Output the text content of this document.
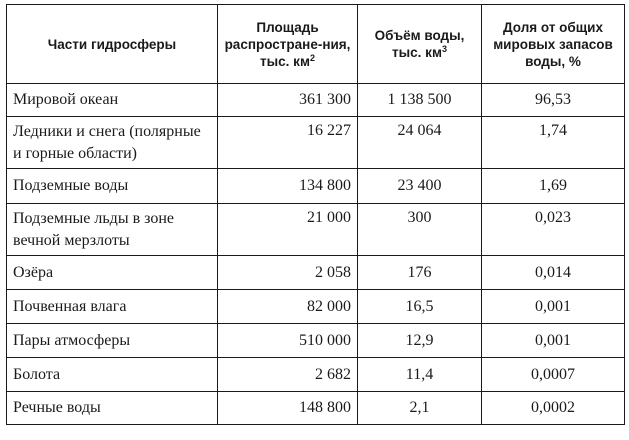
Части гидросферы	Площадь распростране-ния, тыс. $км^2$	Объём воды, тыс. $км^3$	Доля от общих мировых запасов воды, %
Мировой океан	361 300	1 138 500	96,53
Ледники и снега (полярные и горные области)	16 227	24 064	1,74
Подземные воды	134 800	23 400	1,69
Подземные льды в зоне вечной мерзлоты	21 000	300	0,023
Озёра	2 058	176	0,014
Почвенная влага	82 000	16,5	0,001
Пары атмосферы	510 000	12,9	0,001
Болота	2 682	11,4	0,0007
Речные воды	148 800	2,1	0,0002
